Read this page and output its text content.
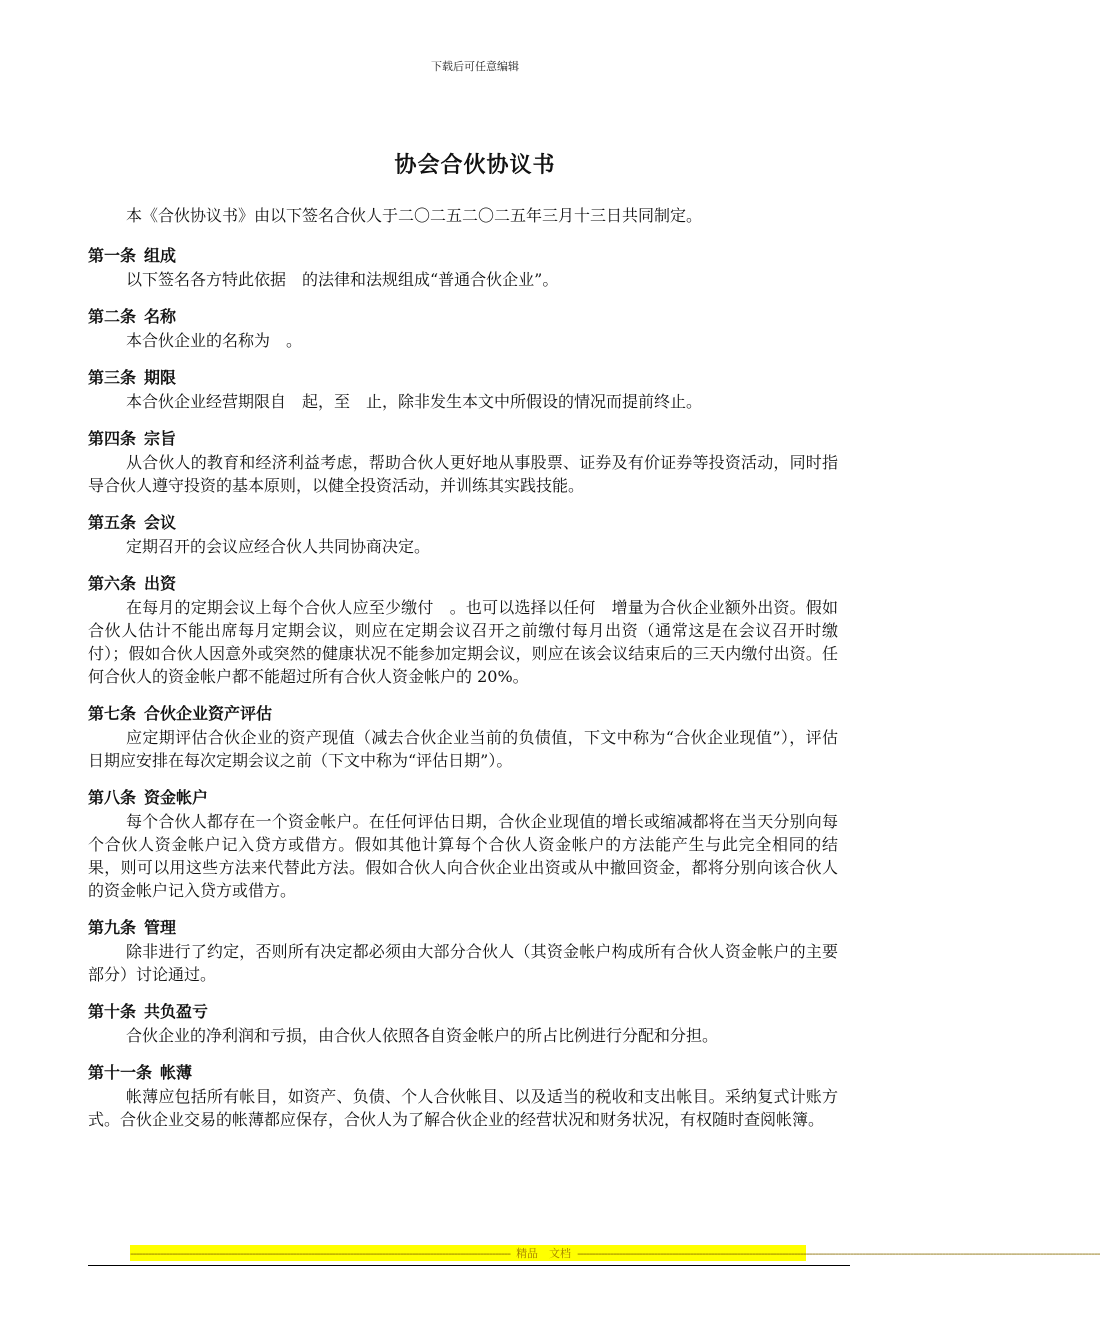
下载后可任意编辑
协会合伙协议书

本《合伙协议书》由以下签名合伙人于二〇二五二〇二五年三月十三日共同制定。

第一条 组成

以下签名各方特此依据　的法律和法规组成“普通合伙企业”。

第二条 名称

本合伙企业的名称为　。

第三条 期限

本合伙企业经营期限自　起，至　止，除非发生本文中所假设的情况而提前终止。

第四条 宗旨

从合伙人的教育和经济利益考虑，帮助合伙人更好地从事股票、证券及有价证券等投资活动，同时指导合伙人遵守投资的基本原则，以健全投资活动，并训练其实践技能。

第五条 会议

定期召开的会议应经合伙人共同协商决定。

第六条 出资

在每月的定期会议上每个合伙人应至少缴付　。也可以选择以任何　增量为合伙企业额外出资。假如合伙人估计不能出席每月定期会议，则应在定期会议召开之前缴付每月出资（通常这是在会议召开时缴付）；假如合伙人因意外或突然的健康状况不能参加定期会议，则应在该会议结束后的三天内缴付出资。任何合伙人的资金帐户都不能超过所有合伙人资金帐户的 20%。

第七条 合伙企业资产评估

应定期评估合伙企业的资产现值（减去合伙企业当前的负债值，下文中称为“合伙企业现值”），评估日期应安排在每次定期会议之前（下文中称为“评估日期”）。

第八条 资金帐户

每个合伙人都存在一个资金帐户。在任何评估日期，合伙企业现值的增长或缩减都将在当天分别向每个合伙人资金帐户记入贷方或借方。假如其他计算每个合伙人资金帐户的方法能产生与此完全相同的结果，则可以用这些方法来代替此方法。假如合伙人向合伙企业出资或从中撤回资金，都将分别向该合伙人的资金帐户记入贷方或借方。

第九条 管理

除非进行了约定，否则所有决定都必须由大部分合伙人（其资金帐户构成所有合伙人资金帐户的主要部分）讨论通过。

第十条 共负盈亏

合伙企业的净利润和亏损，由合伙人依照各自资金帐户的所占比例进行分配和分担。

第十一条 帐薄

帐薄应包括所有帐目，如资产、负债、个人合伙帐目、以及适当的税收和支出帐目。采纳复式计账方式。合伙企业交易的帐薄都应保存，合伙人为了解合伙企业的经营状况和财务状况，有权随时查阅帐簿。

-------------------------------------------------------------------------------------------------------------------------------- 精品　文档 --------------------------------------------------------------------------------------------------------------------------------------------------------------------------------
